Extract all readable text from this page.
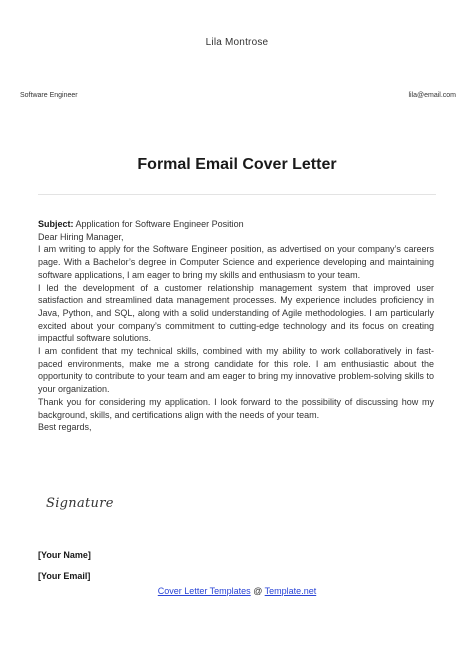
Lila Montrose
Software Engineer	lila@email.com
Formal Email Cover Letter

Subject: Application for Software Engineer Position

Dear Hiring Manager,

I am writing to apply for the Software Engineer position, as advertised on your company’s careers page. With a Bachelor’s degree in Computer Science and experience developing and maintaining software applications, I am eager to bring my skills and enthusiasm to your team.

I led the development of a customer relationship management system that improved user satisfaction and streamlined data management processes. My experience includes proficiency in Java, Python, and SQL, along with a solid understanding of Agile methodologies. I am particularly excited about your company’s commitment to cutting-edge technology and its focus on creating impactful software solutions.

I am confident that my technical skills, combined with my ability to work collaboratively in fast-paced environments, make me a strong candidate for this role. I am enthusiastic about the opportunity to contribute to your team and am eager to bring my innovative problem-solving skills to your organization.

Thank you for considering my application. I look forward to the possibility of discussing how my background, skills, and certifications align with the needs of your team.

Best regards,

Signature
[Your Name]
[Your Email]
Cover Letter Templates @ Template.net
